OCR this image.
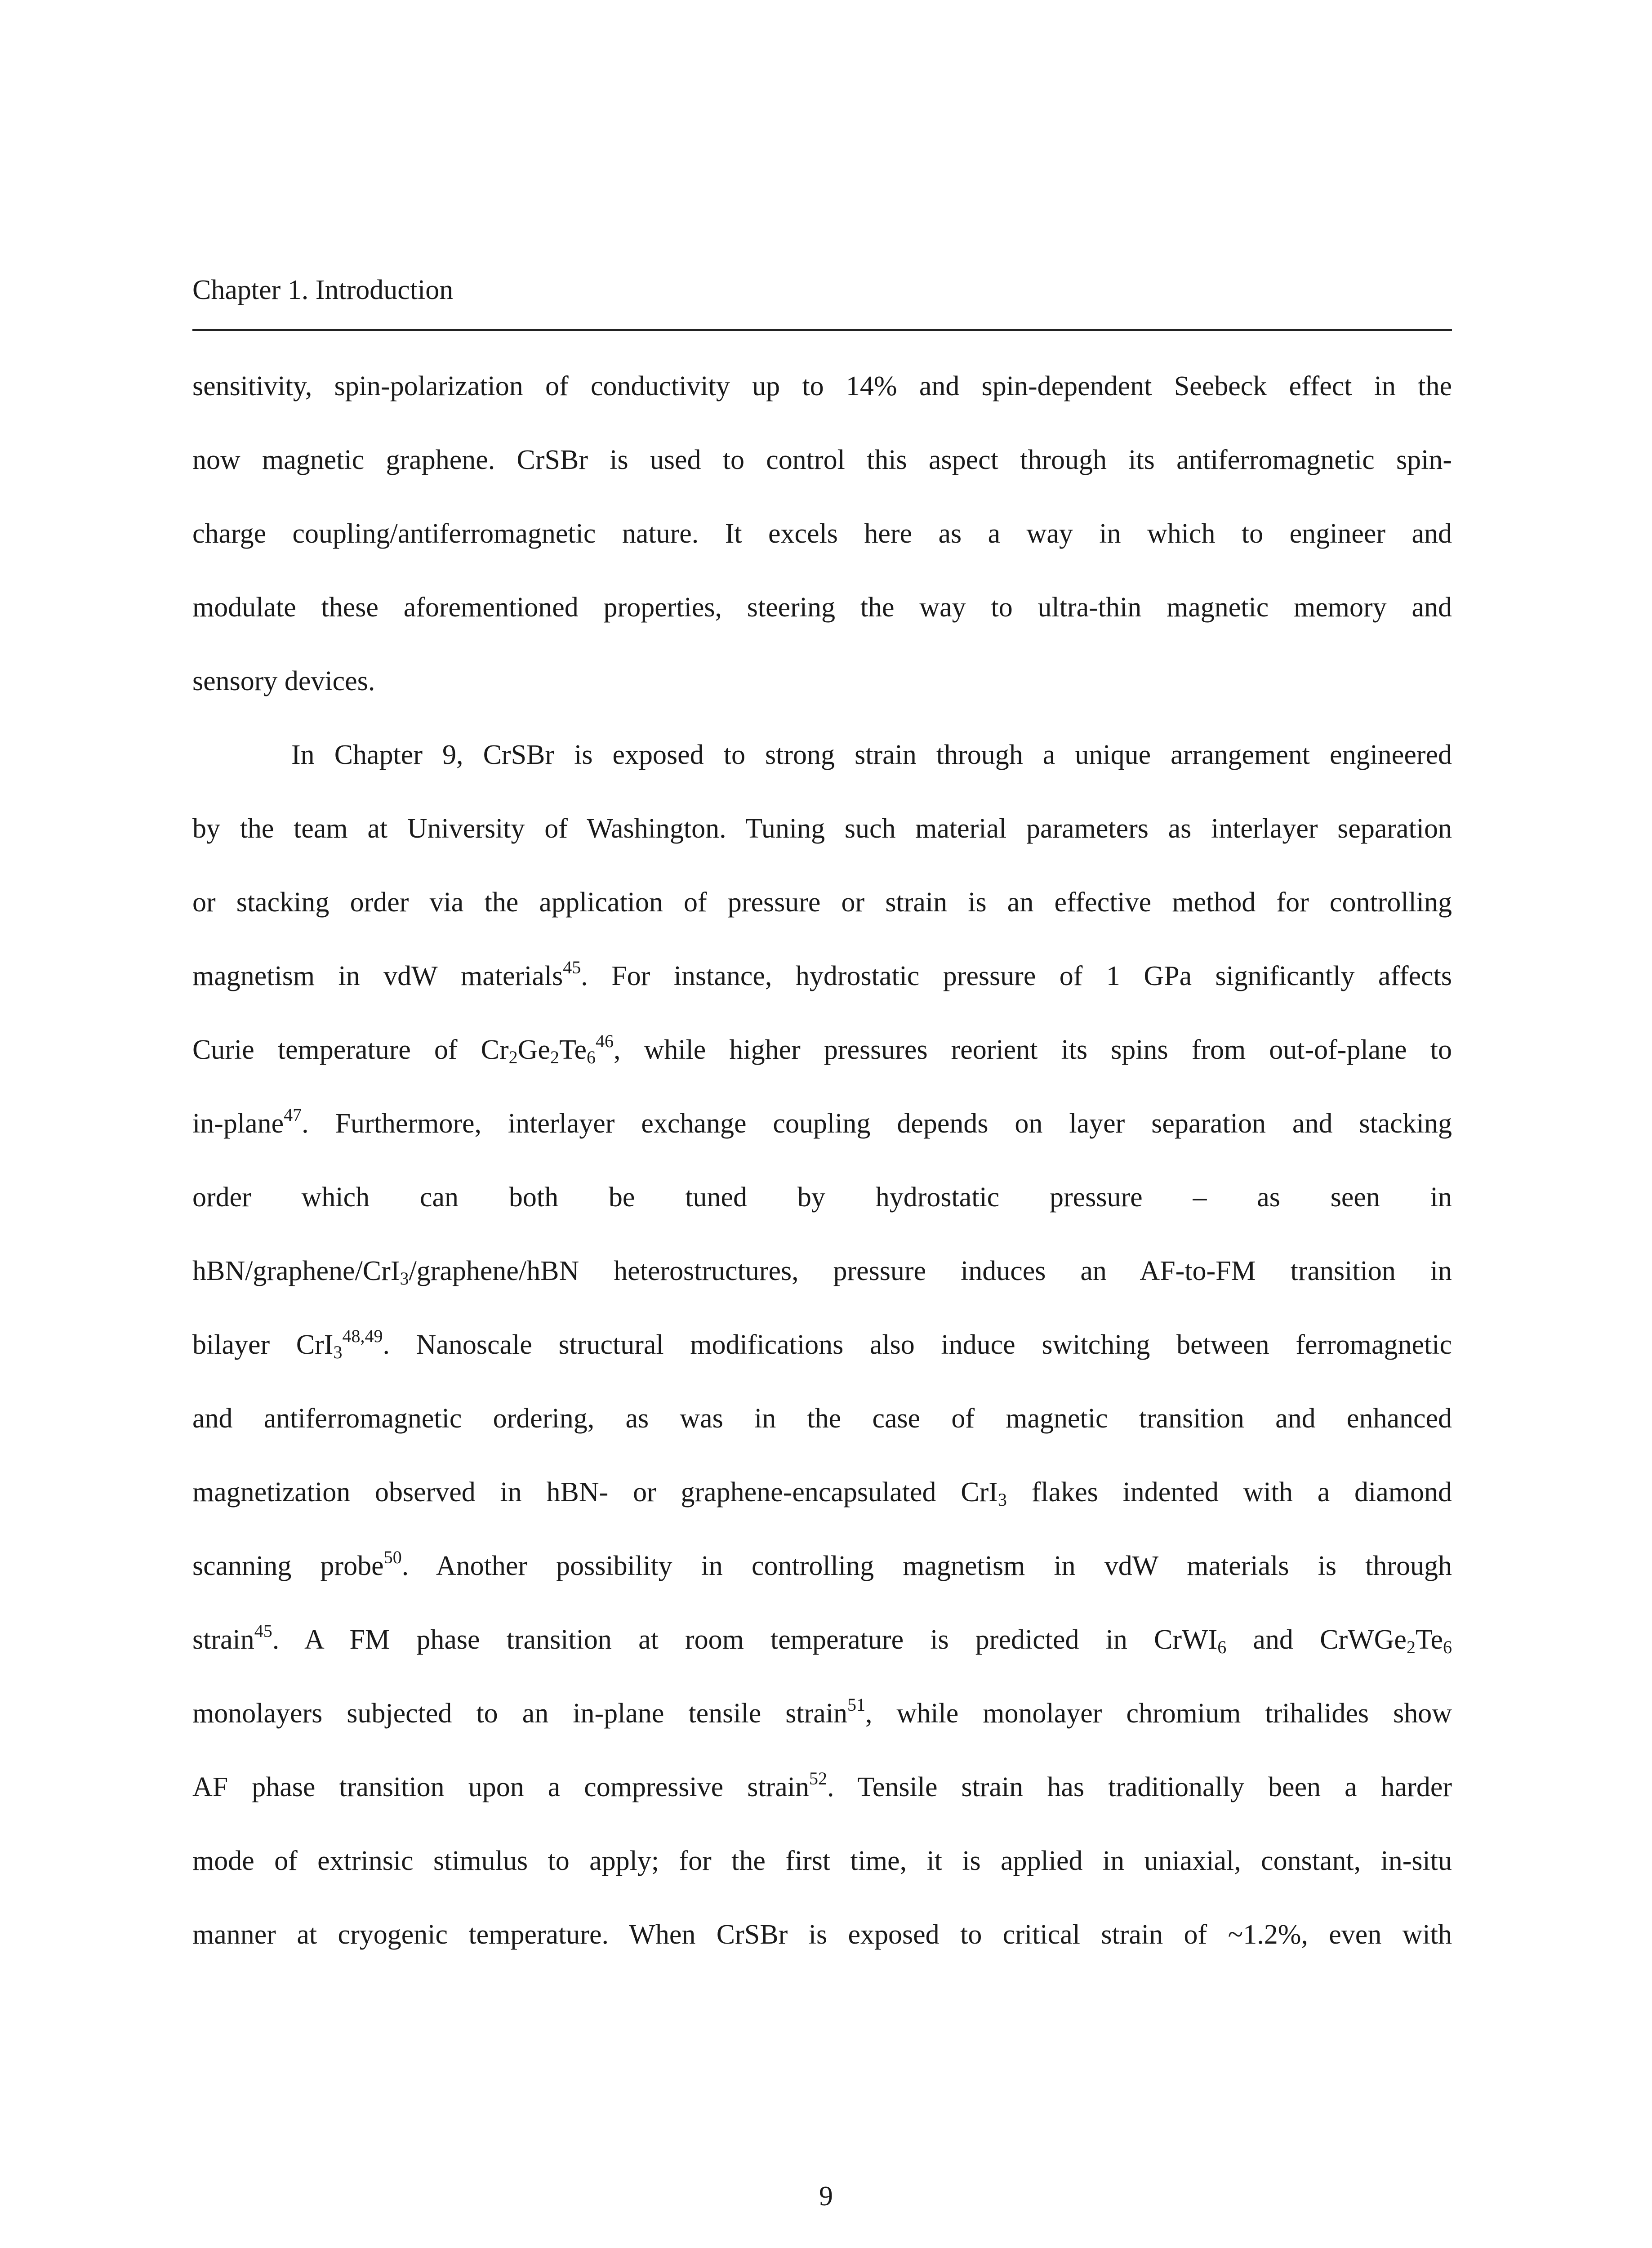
Chapter 1. Introduction
sensitivity, spin-polarization of conductivity up to 14% and spin-dependent Seebeck effect in the
now magnetic graphene. CrSBr is used to control this aspect through its antiferromagnetic spin-
charge coupling/antiferromagnetic nature. It excels here as a way in which to engineer and
modulate these aforementioned properties, steering the way to ultra-thin magnetic memory and
sensory devices.
In Chapter 9, CrSBr is exposed to strong strain through a unique arrangement engineered
by the team at University of Washington. Tuning such material parameters as interlayer separation
or stacking order via the application of pressure or strain is an effective method for controlling
magnetism in vdW materials$^{45}$. For instance, hydrostatic pressure of 1 GPa significantly affects
Curie temperature of $Cr_2Ge_2Te_6^{46}$, while higher pressures reorient its spins from out-of-plane to
in-plane$^{47}$. Furthermore, interlayer exchange coupling depends on layer separation and stacking
order which can both be tuned by hydrostatic pressure – as seen in
hBN/graphene/CrI$_3$/graphene/hBN heterostructures, pressure induces an AF-to-FM transition in
bilayer CrI$_3^{48,49}$. Nanoscale structural modifications also induce switching between ferromagnetic
and antiferromagnetic ordering, as was in the case of magnetic transition and enhanced
magnetization observed in hBN- or graphene-encapsulated CrI$_3$ flakes indented with a diamond
scanning probe$^{50}$. Another possibility in controlling magnetism in vdW materials is through
strain$^{45}$. A FM phase transition at room temperature is predicted in CrWI$_6$ and $CrWGe_2Te_6$
monolayers subjected to an in-plane tensile strain$^{51}$, while monolayer chromium trihalides show
AF phase transition upon a compressive strain$^{52}$. Tensile strain has traditionally been a harder
mode of extrinsic stimulus to apply; for the first time, it is applied in uniaxial, constant, in-situ
manner at cryogenic temperature. When CrSBr is exposed to critical strain of ~1.2%, even with
9
